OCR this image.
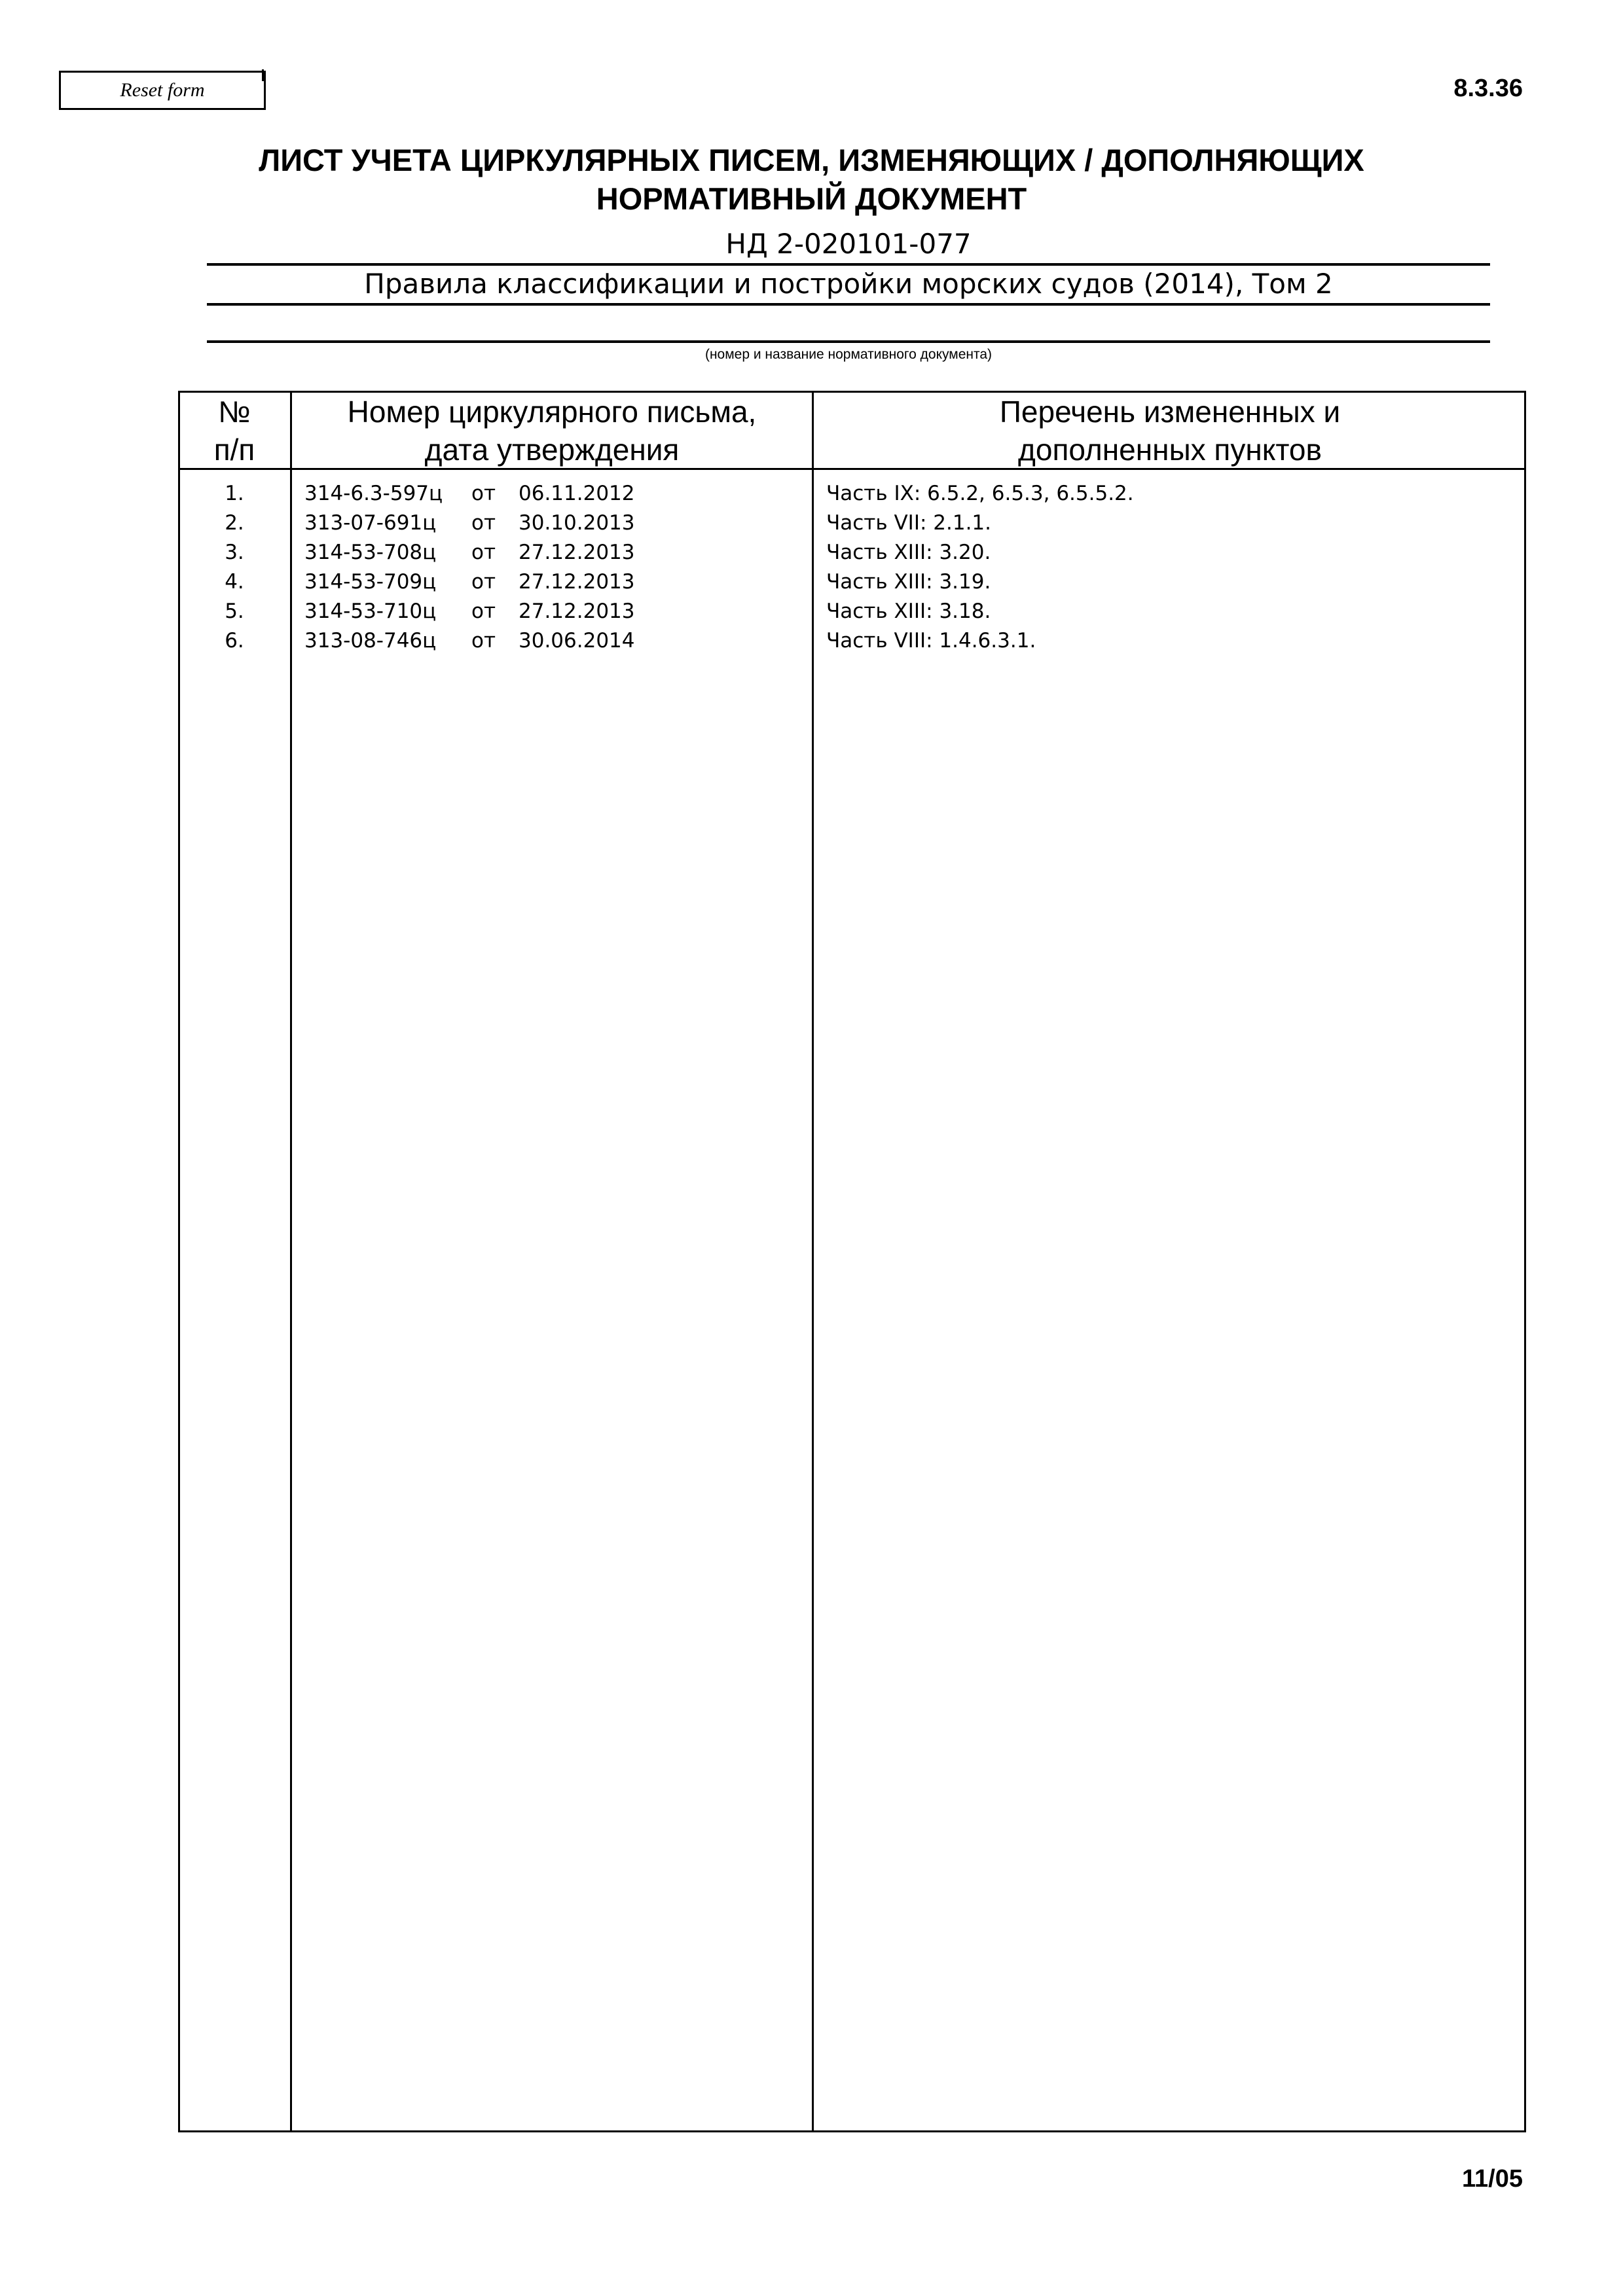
Reset form	8.3.36
ЛИСТ УЧЕТА ЦИРКУЛЯРНЫХ ПИСЕМ, ИЗМЕНЯЮЩИХ / ДОПОЛНЯЮЩИХ
НОРМАТИВНЫЙ ДОКУМЕНТ
НД 2-020101-077
Правила классификации и постройки морских судов (2014), Том 2
(номер и название нормативного документа)
№
п/п
Номер циркулярного письма,
дата утверждения
Перечень измененных и
дополненных пунктов
1.	314-6.3-597ц от 06.11.2012	Часть IX: 6.5.2, 6.5.3, 6.5.5.2.
2.	313-07-691ц от 30.10.2013	Часть VII: 2.1.1.
3.	314-53-708ц от 27.12.2013	Часть XIII: 3.20.
4.	314-53-709ц от 27.12.2013	Часть XIII: 3.19.
5.	314-53-710ц от 27.12.2013	Часть XIII: 3.18.
6.	313-08-746ц от 30.06.2014	Часть VIII: 1.4.6.3.1.
11/05
